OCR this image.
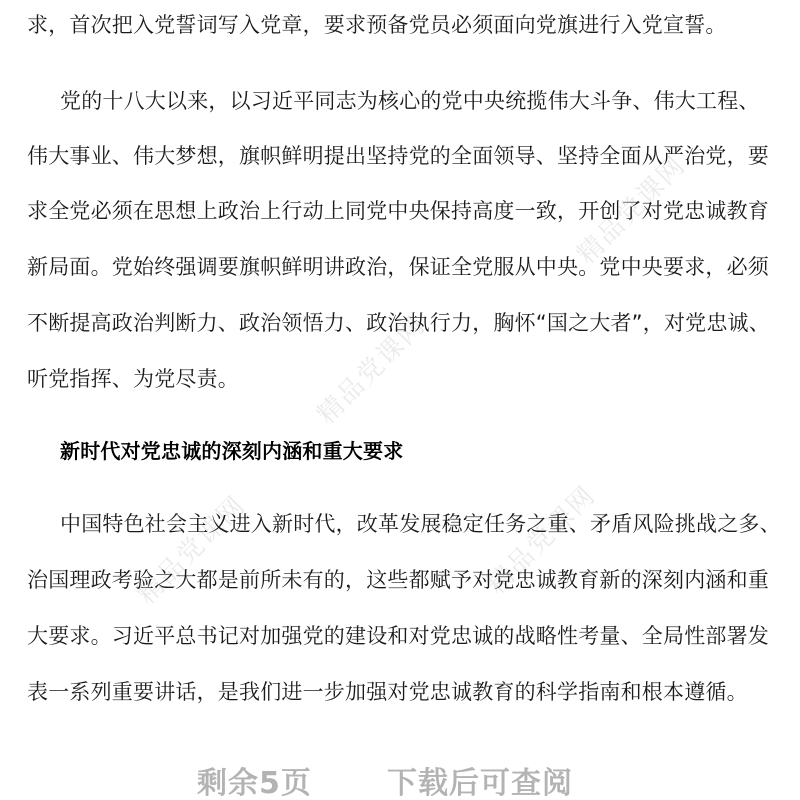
精品党课网
精品党课网
精品党课网	精品党课网

求，首次把入党誓词写入党章，要求预备党员必须面向党旗进行入党宣誓。

党的十八大以来，以习近平同志为核心的党中央统揽伟大斗争、伟大工程、

伟大事业、伟大梦想，旗帜鲜明提出坚持党的全面领导、坚持全面从严治党，要

求全党必须在思想上政治上行动上同党中央保持高度一致，开创了对党忠诚教育

新局面。党始终强调要旗帜鲜明讲政治，保证全党服从中央。党中央要求，必须

不断提高政治判断力、政治领悟力、政治执行力，胸怀“国之大者”，对党忠诚、

听党指挥、为党尽责。

新时代对党忠诚的深刻内涵和重大要求

中国特色社会主义进入新时代，改革发展稳定任务之重、矛盾风险挑战之多、

治国理政考验之大都是前所未有的，这些都赋予对党忠诚教育新的深刻内涵和重

大要求。习近平总书记对加强党的建设和对党忠诚的战略性考量、全局性部署发

表一系列重要讲话，是我们进一步加强对党忠诚教育的科学指南和根本遵循。

剩余5页	下载后可查阅
